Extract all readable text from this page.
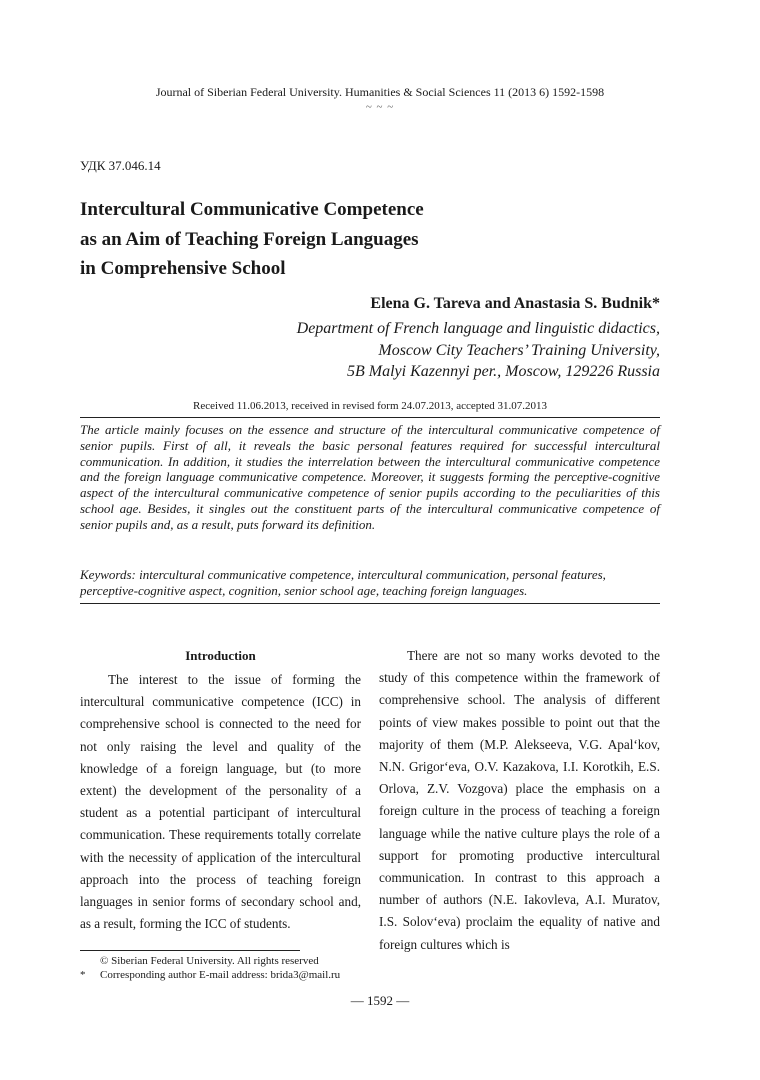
Journal of Siberian Federal University. Humanities & Social Sciences 11 (2013 6) 1592-1598
~ ~ ~
УДК 37.046.14
Intercultural Communicative Competence
as an Aim of Teaching Foreign Languages
in Comprehensive School
Elena G. Tareva and Anastasia S. Budnik*
Department of French language and linguistic didactics,
Moscow City Teachers’ Training University,
5B Malyi Kazennyi per., Moscow, 129226 Russia
Received 11.06.2013, received in revised form 24.07.2013, accepted 31.07.2013
The article mainly focuses on the essence and structure of the intercultural communicative competence of senior pupils. First of all, it reveals the basic personal features required for successful intercultural communication. In addition, it studies the interrelation between the intercultural communicative competence and the foreign language communicative competence. Moreover, it suggests forming the perceptive-cognitive aspect of the intercultural communicative competence of senior pupils according to the peculiarities of this school age. Besides, it singles out the constituent parts of the intercultural communicative competence of senior pupils and, as a result, puts forward its definition.
Keywords: intercultural communicative competence, intercultural communication, personal features, perceptive-cognitive aspect, cognition, senior school age, teaching foreign languages.
Introduction

The interest to the issue of forming the intercultural communicative competence (ICC) in comprehensive school is connected to the need for not only raising the level and quality of the knowledge of a foreign language, but (to more extent) the development of the personality of a student as a potential participant of intercultural communication. These requirements totally correlate with the necessity of application of the intercultural approach into the process of teaching foreign languages in senior forms of secondary school and, as a result, forming the ICC of students.

There are not so many works devoted to the study of this competence within the framework of comprehensive school. The analysis of different points of view makes possible to point out that the majority of them (M.P. Alekseeva, V.G. Apal‘kov, N.N. Grigor‘eva, O.V. Kazakova, I.I. Korotkih, E.S. Orlova, Z.V. Vozgova) place the emphasis on a foreign culture in the process of teaching a foreign language while the native culture plays the role of a support for promoting productive intercultural communication. In contrast to this approach a number of authors (N.E. Iakovleva, A.I. Muratov, I.S. Solov‘eva) proclaim the equality of native and foreign cultures which is

© Siberian Federal University. All rights reserved
* Corresponding author E-mail address: brida3@mail.ru
— 1592 —
